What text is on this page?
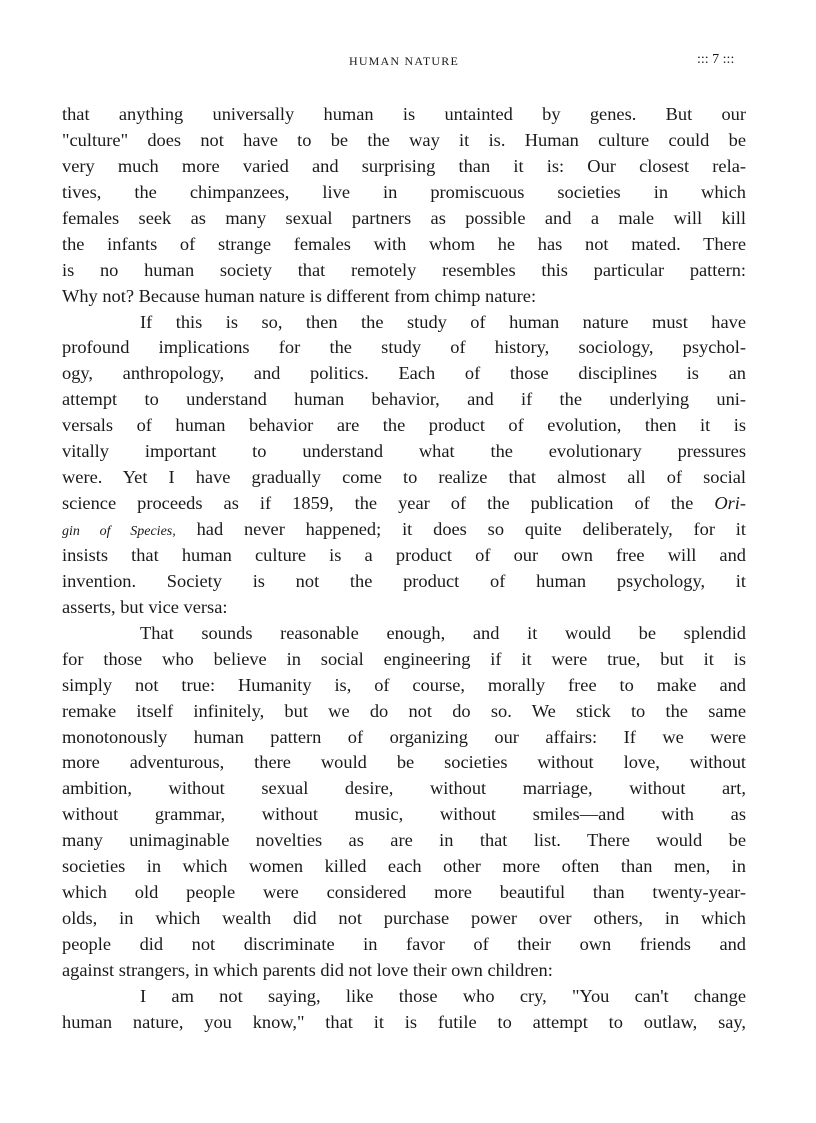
HUMAN NATURE	::: 7 :::
that anything universally human is untainted by genes. But our
"culture" does not have to be the way it is. Human culture could be
very much more varied and surprising than it is: Our closest rela-
tives, the chimpanzees, live in promiscuous societies in which
females seek as many sexual partners as possible and a male will kill
the infants of strange females with whom he has not mated. There
is no human society that remotely resembles this particular pattern:
Why not? Because human nature is different from chimp nature:
If this is so, then the study of human nature must have
profound implications for the study of history, sociology, psychol-
ogy, anthropology, and politics. Each of those disciplines is an
attempt to understand human behavior, and if the underlying uni-
versals of human behavior are the product of evolution, then it is
vitally important to understand what the evolutionary pressures
were. Yet I have gradually come to realize that almost all of social
science proceeds as if 1859, the year of the publication of the Ori-
gin of Species, had never happened; it does so quite deliberately, for it
insists that human culture is a product of our own free will and
invention. Society is not the product of human psychology, it
asserts, but vice versa:
That sounds reasonable enough, and it would be splendid
for those who believe in social engineering if it were true, but it is
simply not true: Humanity is, of course, morally free to make and
remake itself infinitely, but we do not do so. We stick to the same
monotonously human pattern of organizing our affairs: If we were
more adventurous, there would be societies without love, without
ambition, without sexual desire, without marriage, without art,
without grammar, without music, without smiles—and with as
many unimaginable novelties as are in that list. There would be
societies in which women killed each other more often than men, in
which old people were considered more beautiful than twenty-year-
olds, in which wealth did not purchase power over others, in which
people did not discriminate in favor of their own friends and
against strangers, in which parents did not love their own children:
I am not saying, like those who cry, "You can't change
human nature, you know," that it is futile to attempt to outlaw, say,
